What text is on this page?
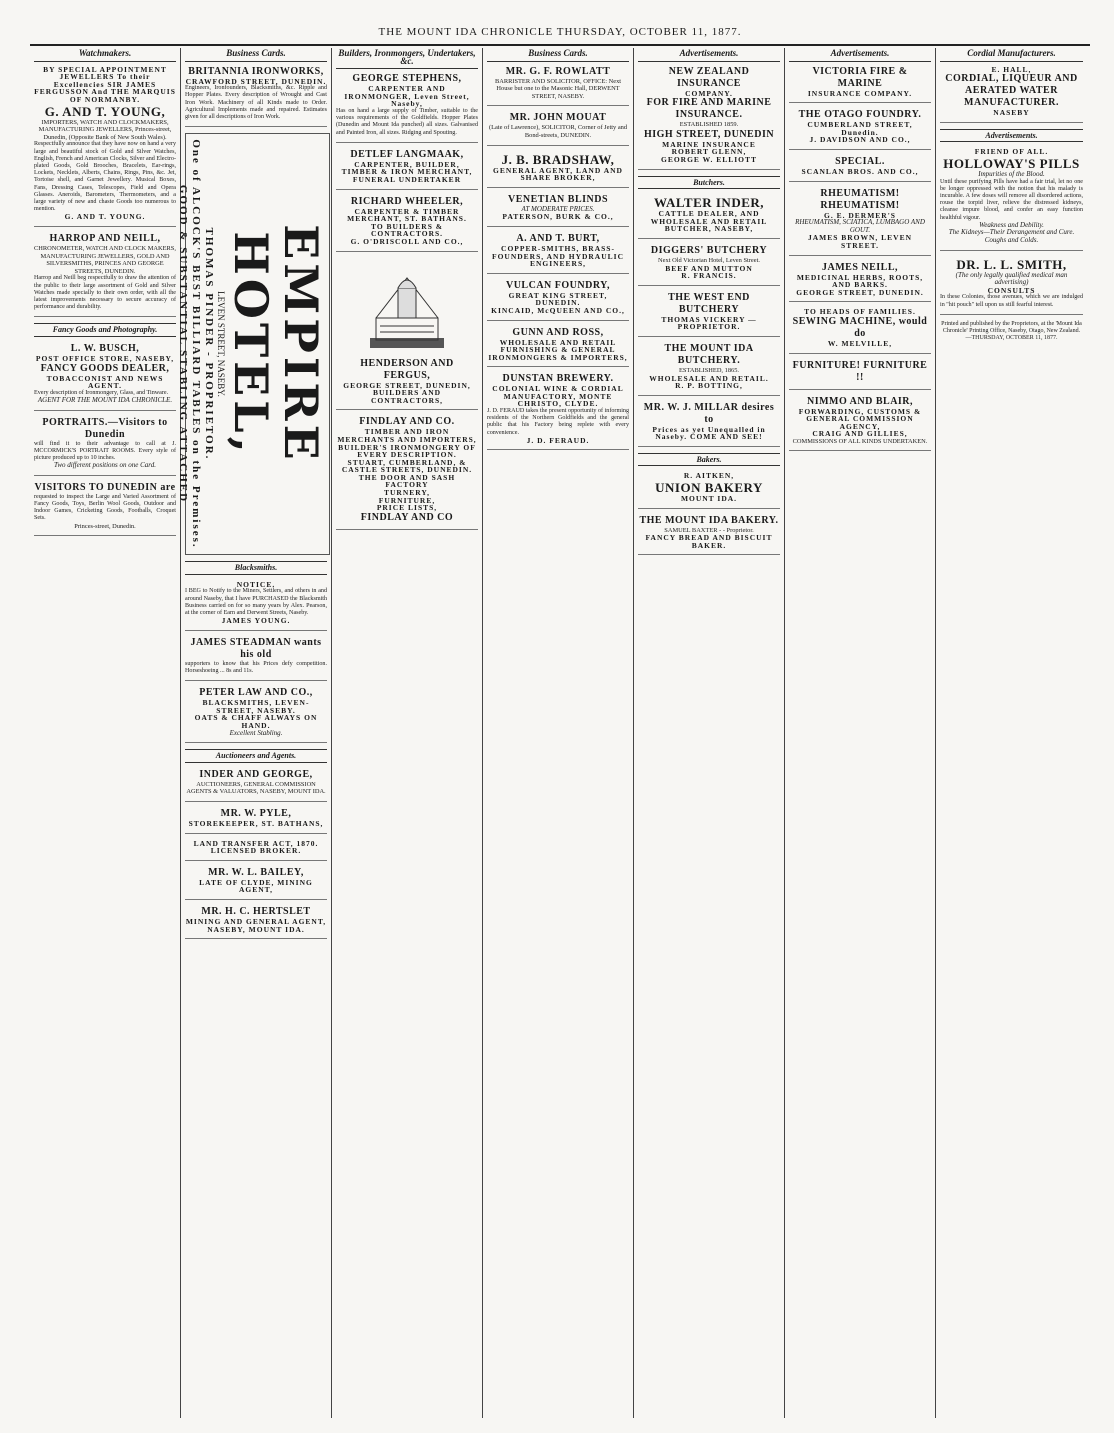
THE MOUNT IDA CHRONICLE THURSDAY, OCTOBER 11, 1877.
Watchmakers.
BY SPECIAL APPOINTMENT JEWELLERS To their Excellencies SIR JAMES FERGUSSON And THE MARQUIS OF NORMANBY.
G. AND T. YOUNG,
IMPORTERS, WATCH AND CLOCKMAKERS, MANUFACTURING JEWELLERS, Princes-street, Dunedin, (Opposite Bank of New South Wales).
Respectfully announce that they have now on hand a very large and beautiful stock of Gold and Silver Watches, English, French and American Clocks, Silver and Electro-plated Goods, Gold Brooches, Bracelets, Ear-rings, Lockets, Necklets, Alberts, Chains, Rings, Pins, &c. Jet, Tortoise shell, and Garnet Jewellery. Musical Boxes, Fans, Dressing Cases, Telescopes, Field and Opera Glasses. Aneroids, Barometers, Thermometers, and a large variety of new and chaste Goods too numerous to mention.
G. AND T. YOUNG.
HARROP AND NEILL,
CHRONOMETER, WATCH AND CLOCK MAKERS, MANUFACTURING JEWELLERS, GOLD AND SILVERSMITHS, PRINCES AND GEORGE STREETS, DUNEDIN.
Harrop and Neill beg respectfully to draw the attention of the public to their large assortment of Gold and Silver Watches made specially to their own order, with all the latest improvements necessary to secure accuracy of performance and durability.
Fancy Goods and Photography.
L. W. BUSCH,
POST OFFICE STORE, NASEBY,
FANCY GOODS DEALER,
TOBACCONIST AND NEWS AGENT.
Every description of Ironmongery, Glass, and Tinware.
AGENT FOR THE MOUNT IDA CHRONICLE.
PORTRAITS.—Visitors to Dunedin
will find it to their advantage to call at J. MCCORMICK'S PORTRAIT ROOMS. Every style of picture produced up to 10 inches.
Two different positions on one Card.
VISITORS TO DUNEDIN are
requested to inspect the Large and Varied Assortment of Fancy Goods, Toys, Berlin Wool Goods, Outdoor and Indoor Games, Cricketing Goods, Footballs, Croquet Sets.
Princes-street, Dunedin.
Business Cards.
BRITANNIA IRONWORKS,
CRAWFORD STREET, DUNEDIN.
Engineers, Ironfounders, Blacksmiths, &c. Ripple and Hopper Plates. Every description of Wrought and Cast Iron Work. Machinery of all Kinds made to Order. Agricultural Implements made and repaired. Estimates given for all descriptions of Iron Work.
EMPIRE HOTEL,
LEVEN STREET, NASEBY.
THOMAS PINDER - PROPRIETOR.
One of ALCOCK'S BEST BILLIARD TABLES on the Premises.
GOOD & SUBSTANTIAL STABLING ATTACHED
Blacksmiths.
NOTICE.
I BEG to Notify to the Miners, Settlers, and others in and around Naseby, that I have PURCHASED the Blacksmith Business carried on for so many years by Alex. Pearson, at the corner of Earn and Derwent Streets, Naseby.
JAMES YOUNG.
JAMES STEADMAN wants his old
supporters to know that his Prices defy competition. Horseshoeing ... 8s and 11s.
PETER LAW AND CO.,
BLACKSMITHS, LEVEN-STREET, NASEBY.
OATS & CHAFF ALWAYS ON HAND.
Excellent Stabling.
Auctioneers and Agents.
INDER AND GEORGE,
AUCTIONEERS, GENERAL COMMISSION AGENTS & VALUATORS, NASEBY, MOUNT IDA.
MR. W. PYLE,
STOREKEEPER, ST. BATHANS,
LAND TRANSFER ACT, 1870.
LICENSED BROKER.
MR. W. L. BAILEY,
LATE OF CLYDE, MINING AGENT,
MR. H. C. HERTSLET
MINING AND GENERAL AGENT, NASEBY, MOUNT IDA.
Builders, Ironmongers, Undertakers, &c.
GEORGE STEPHENS,
CARPENTER AND IRONMONGER, Leven Street, Naseby,
Has on hand a large supply of Timber, suitable to the various requirements of the Goldfields. Hopper Plates (Dunedin and Mount Ida punched) all sizes. Galvanised and Painted Iron, all sizes. Ridging and Spouting.
DETLEF LANGMAAK,
CARPENTER, BUILDER, TIMBER & IRON MERCHANT,
FUNERAL UNDERTAKER
RICHARD WHEELER,
CARPENTER & TIMBER MERCHANT, ST. BATHANS.
TO BUILDERS & CONTRACTORS.
G. O'DRISCOLL AND CO.,
HENDERSON AND FERGUS,
GEORGE STREET, DUNEDIN, BUILDERS AND CONTRACTORS,
FINDLAY AND CO.
TIMBER AND IRON MERCHANTS AND IMPORTERS,
BUILDER'S IRONMONGERY OF EVERY DESCRIPTION.
STUART, CUMBERLAND, & CASTLE STREETS, DUNEDIN.
THE DOOR AND SASH FACTORY
TURNERY,
FURNITURE,
PRICE LISTS,
FINDLAY AND CO
Business Cards.
MR. G. F. ROWLATT
BARRISTER AND SOLICITOR, OFFICE: Next House but one to the Masonic Hall, DERWENT STREET, NASEBY.
MR. JOHN MOUAT
(Late of Lawrence), SOLICITOR, Corner of Jetty and Bond-streets, DUNEDIN.
J. B. BRADSHAW,
GENERAL AGENT, LAND AND SHARE BROKER,
VENETIAN BLINDS
AT MODERATE PRICES.
PATERSON, BURK & CO.,
A. AND T. BURT,
COPPER-SMITHS, BRASS-FOUNDERS, AND HYDRAULIC ENGINEERS,
VULCAN FOUNDRY,
GREAT KING STREET, DUNEDIN.
KINCAID, McQUEEN AND CO.,
GUNN AND ROSS,
WHOLESALE AND RETAIL FURNISHING & GENERAL IRONMONGERS & IMPORTERS,
DUNSTAN BREWERY.
COLONIAL WINE & CORDIAL MANUFACTORY, MONTE CHRISTO, CLYDE.
J. D. FERAUD takes the present opportunity of informing residents of the Northern Goldfields and the general public that his Factory being replete with every convenience.
J. D. FERAUD.
Advertisements.
NEW ZEALAND INSURANCE
COMPANY.
FOR FIRE AND MARINE INSURANCE.
ESTABLISHED 1859.
HIGH STREET, DUNEDIN
MARINE INSURANCE
ROBERT GLENN,
GEORGE W. ELLIOTT
Butchers.
WALTER INDER,
CATTLE DEALER, AND WHOLESALE AND RETAIL BUTCHER, NASEBY,
DIGGERS' BUTCHERY
Next Old Victorian Hotel, Leven Street.
BEEF AND MUTTON
R. FRANCIS.
THE WEST END BUTCHERY
THOMAS VICKERY — PROPRIETOR.
THE MOUNT IDA BUTCHERY.
ESTABLISHED, 1865.
WHOLESALE AND RETAIL.
R. P. BOTTING,
MR. W. J. MILLAR desires to
Prices as yet Unequalled in Naseby. COME AND SEE!
Bakers.
R. AITKEN,
UNION BAKERY
MOUNT IDA.
THE MOUNT IDA BAKERY.
SAMUEL BAXTER - - Proprietor.
FANCY BREAD AND BISCUIT BAKER.
Advertisements.
VICTORIA FIRE & MARINE
INSURANCE COMPANY.
THE OTAGO FOUNDRY.
CUMBERLAND STREET, Dunedin.
J. DAVIDSON AND CO.,
SPECIAL.
SCANLAN BROS. AND CO.,
RHEUMATISM! RHEUMATISM!
G. E. DERMER'S
RHEUMATISM, SCIATICA, LUMBAGO AND GOUT.
JAMES BROWN, LEVEN STREET.
JAMES NEILL,
MEDICINAL HERBS, ROOTS, AND BARKS.
GEORGE STREET, DUNEDIN.
TO HEADS OF FAMILIES.
SEWING MACHINE, would do
W. MELVILLE,
FURNITURE! FURNITURE !!
NIMMO AND BLAIR,
FORWARDING, CUSTOMS & GENERAL COMMISSION AGENCY,
CRAIG AND GILLIES,
COMMISSIONS OF ALL KINDS UNDERTAKEN.
Cordial Manufacturers.
E. HALL,
CORDIAL, LIQUEUR AND AERATED WATER MANUFACTURER.
NASEBY
Advertisements.
FRIEND OF ALL.
HOLLOWAY'S PILLS
Impurities of the Blood.
Until these purifying Pills have had a fair trial, let no one be longer oppressed with the notion that his malady is incurable. A few doses will remove all disordered actions, rouse the torpid liver, relieve the distressed kidneys, cleanse impure blood, and confer an easy function healthful vigour.
Weakness and Debility.
The Kidneys—Their Derangement and Cure.
Coughs and Colds.
DR. L. L. SMITH,
(The only legally qualified medical man advertising)
CONSULTS
In these Colonies, those avenues, which we are indulged in "hit pouch" tell upon us still fearful interest.
Printed and published by the Proprietors, at the 'Mount Ida Chronicle' Printing Office, Naseby, Otago, New Zealand.—THURSDAY, OCTOBER 11, 1877.
